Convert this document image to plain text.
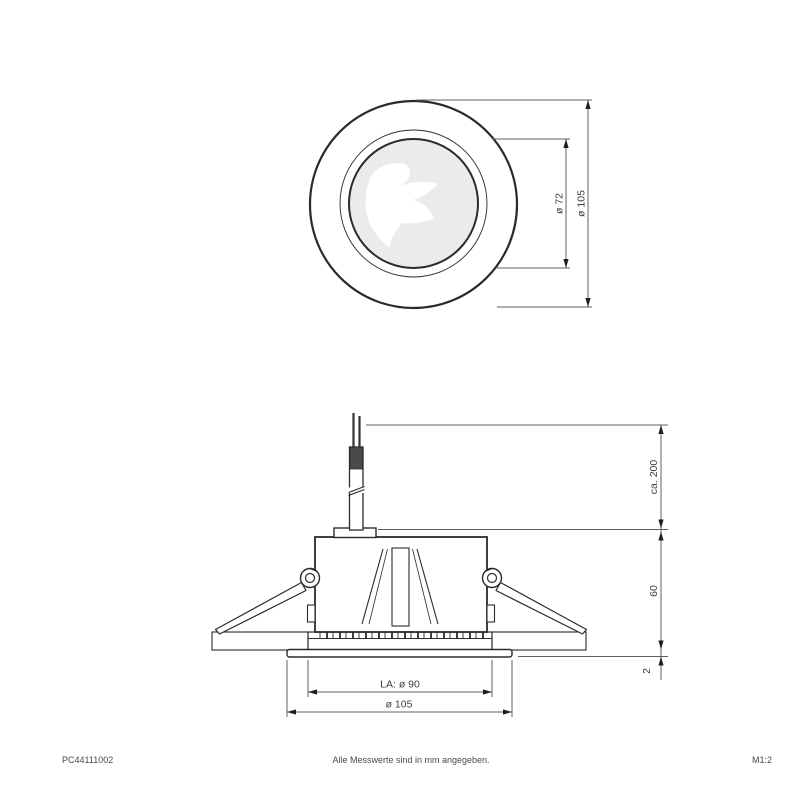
ø 72 ø 105
ca. 200
60
2
LA: ø 90
ø 105
PC44111002	Alle Messwerte sind in mm angegeben.	M1:2
